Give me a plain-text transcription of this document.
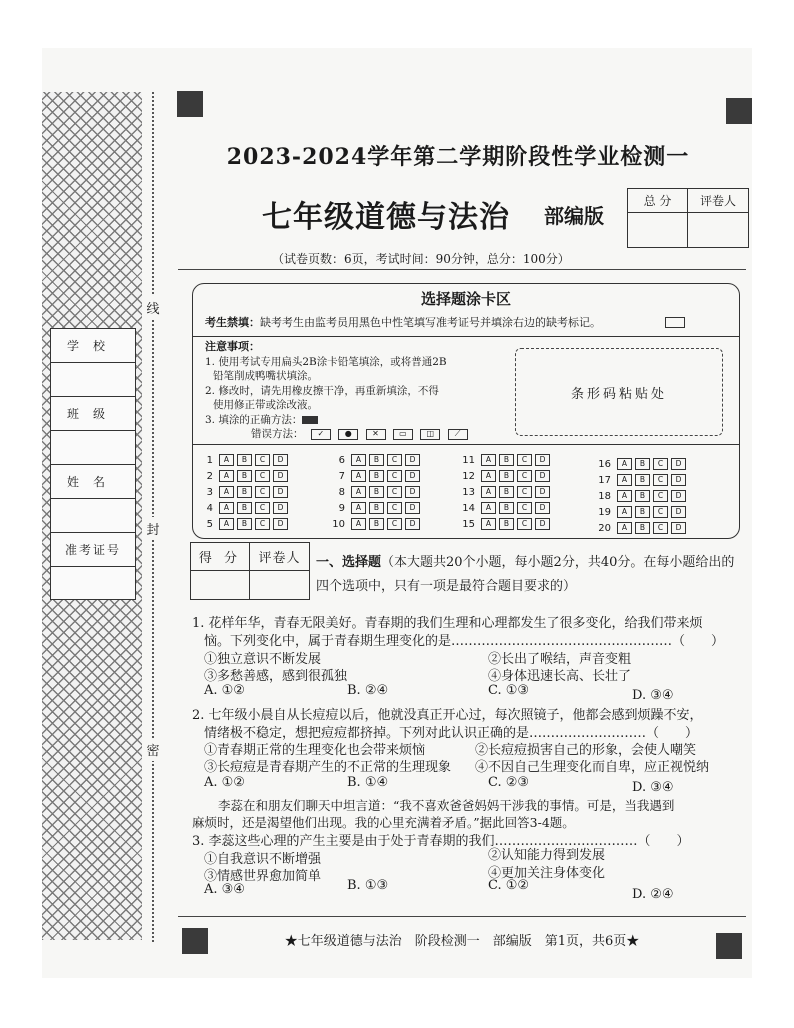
线
封
密
学校
班级
姓名
准考证号
2023-2024学年第二学期阶段性学业检测一
七年级道德与法治 部编版
总 分	评卷人
（试卷页数：6页，考试时间：90分钟，总分：100分）
选择题涂卡区
考生禁填：缺考考生由监考员用黑色中性笔填写准考证号并填涂右边的缺考标记。
注意事项：
1. 使用考试专用扁头2B涂卡铅笔填涂，或将普通2B
铅笔削成鸭嘴状填涂。
2. 修改时，请先用橡皮擦干净，再重新填涂，不得
使用修正带或涂改液。
3. 填涂的正确方法：
错误方法： ✓	●	✕	▭ ◫	⟋
条形码粘贴处
1	A	B	C	D
2	A	B	C	D
3	A	B	C	D
4	A	B	C	D
5	A	B	C	D
6	A	B	C	D
7	A	B	C	D
8	A	B	C	D
9	A	B	C	D
10	A	B	C	D
11	A	B	C	D
12	A	B	C	D
13	A	B	C	D
14	A	B	C	D
15	A	B	C	D
16	A	B	C	D
17	A	B	C	D
18	A	B	C	D
19	A	B	C	D
20	A	B	C	D
得 分	评卷人	一、选择题（本大题共20个小题，每小题2分，共40分。在每小题给出的四个选项中，只有一项是最符合题目要求的）
1. 花样年华，青春无限美好。青春期的我们生理和心理都发生了很多变化，给我们带来烦
恼。下列变化中，属于青春期生理变化的是……………………………………………（　　）
①独立意识不断发展	②长出了喉结，声音变粗
③多愁善感，感到很孤独	④身体迅速长高、长壮了
A. ①②	B. ②④	C. ①③	D. ③④
2. 七年级小晨自从长痘痘以后，他就没真正开心过，每次照镜子，他都会感到烦躁不安，
情绪极不稳定，想把痘痘都挤掉。下列对此认识正确的是………………………（　　）
①青春期正常的生理变化也会带来烦恼	②长痘痘损害自己的形象，会使人嘲笑
③长痘痘是青春期产生的不正常的生理现象 ④不因自己生理变化而自卑，应正视悦纳
A. ①②	B. ①④	C. ②③	D. ③④
李蕊在和朋友们聊天中坦言道：“我不喜欢爸爸妈妈干涉我的事情。可是，当我遇到
麻烦时，还是渴望他们出现。我的心里充满着矛盾。”据此回答3-4题。
3. 李蕊这些心理的产生主要是由于处于青春期的我们……………………………（　　）
①自我意识不断增强	②认知能力得到发展
③情感世界愈加简单	④更加关注身体变化
A. ③④	B. ①③	C. ①②
D. ②④
★七年级道德与法治　阶段检测一　部编版　第1页，共6页★
